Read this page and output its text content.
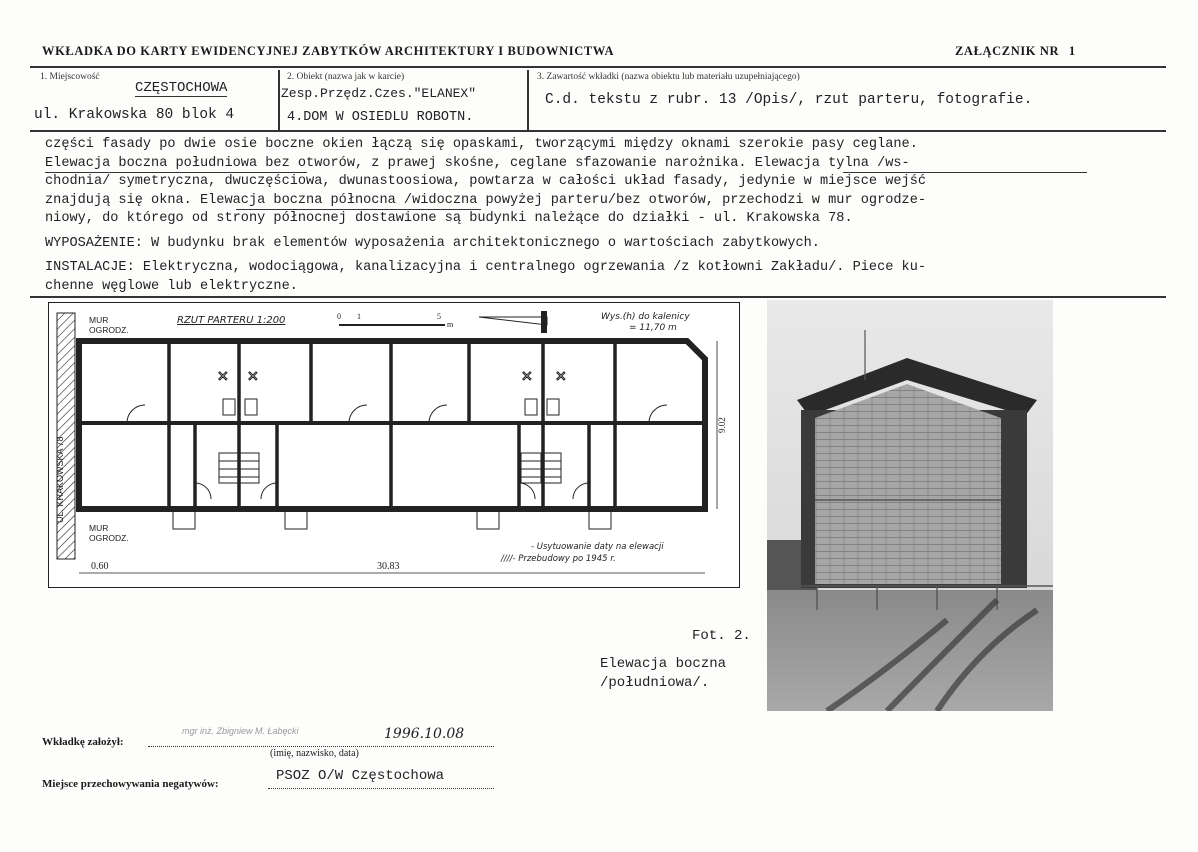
WKŁADKA DO KARTY EWIDENCYJNEJ ZABYTKÓW ARCHITEKTURY I BUDOWNICTWA	ZAŁĄCZNIK NR 1
1. Miejscowość
CZĘSTOCHOWA
ul. Krakowska 80 blok 4
2. Obiekt (nazwa jak w karcie)
Zesp.Przędz.Czes."ELANEX"
4.DOM W OSIEDLU ROBOTN.
3. Zawartość wkładki (nazwa obiektu lub materiału uzupełniającego)
C.d. tekstu z rubr. 13 /Opis/, rzut parteru, fotografie.
części fasady po dwie osie boczne okien łączą się opaskami, tworzącymi między oknami szerokie pasy ceglane.
Elewacja boczna południowa bez otworów, z prawej skośne, ceglane sfazowanie narożnika. Elewacja tylna /ws-
chodnia/ symetryczna, dwuczęściowa, dwunastoosiowa, powtarza w całości układ fasady, jedynie w miejsce wejść
znajdują się okna. Elewacja boczna północna /widoczna powyżej parteru/bez otworów, przechodzi w mur ogrodze-
niowy, do którego od strony północnej dostawione są budynki należące do działki - ul. Krakowska 78.
WYPOSAŻENIE: W budynku brak elementów wyposażenia architektonicznego o wartościach zabytkowych.
INSTALACJE: Elektryczna, wodociągowa, kanalizacyjna i centralnego ogrzewania /z kotłowni Zakładu/. Piece ku-
chenne węglowe lub elektryczne.
UL. KRAKOWSKA 78
✕ ✕	✕ ✕
MUR
OGRODZ.
MUR
OGRODZ.
RZUT PARTERU 1:200	0 1	5
m
Wys.(h) do kalenicy
= 11,70 m
9.02
30.83
0.60
- Usytuowanie daty na elewacji
////- Przebudowy po 1945 r.
Fot. 2.
Elewacja boczna
/południowa/.
Wkładkę założył:
mgr inż. Zbigniew M. Łabęcki	1996.10.08
(imię, nazwisko, data)
Miejsce przechowywania negatywów:	PSOZ O/W Częstochowa
